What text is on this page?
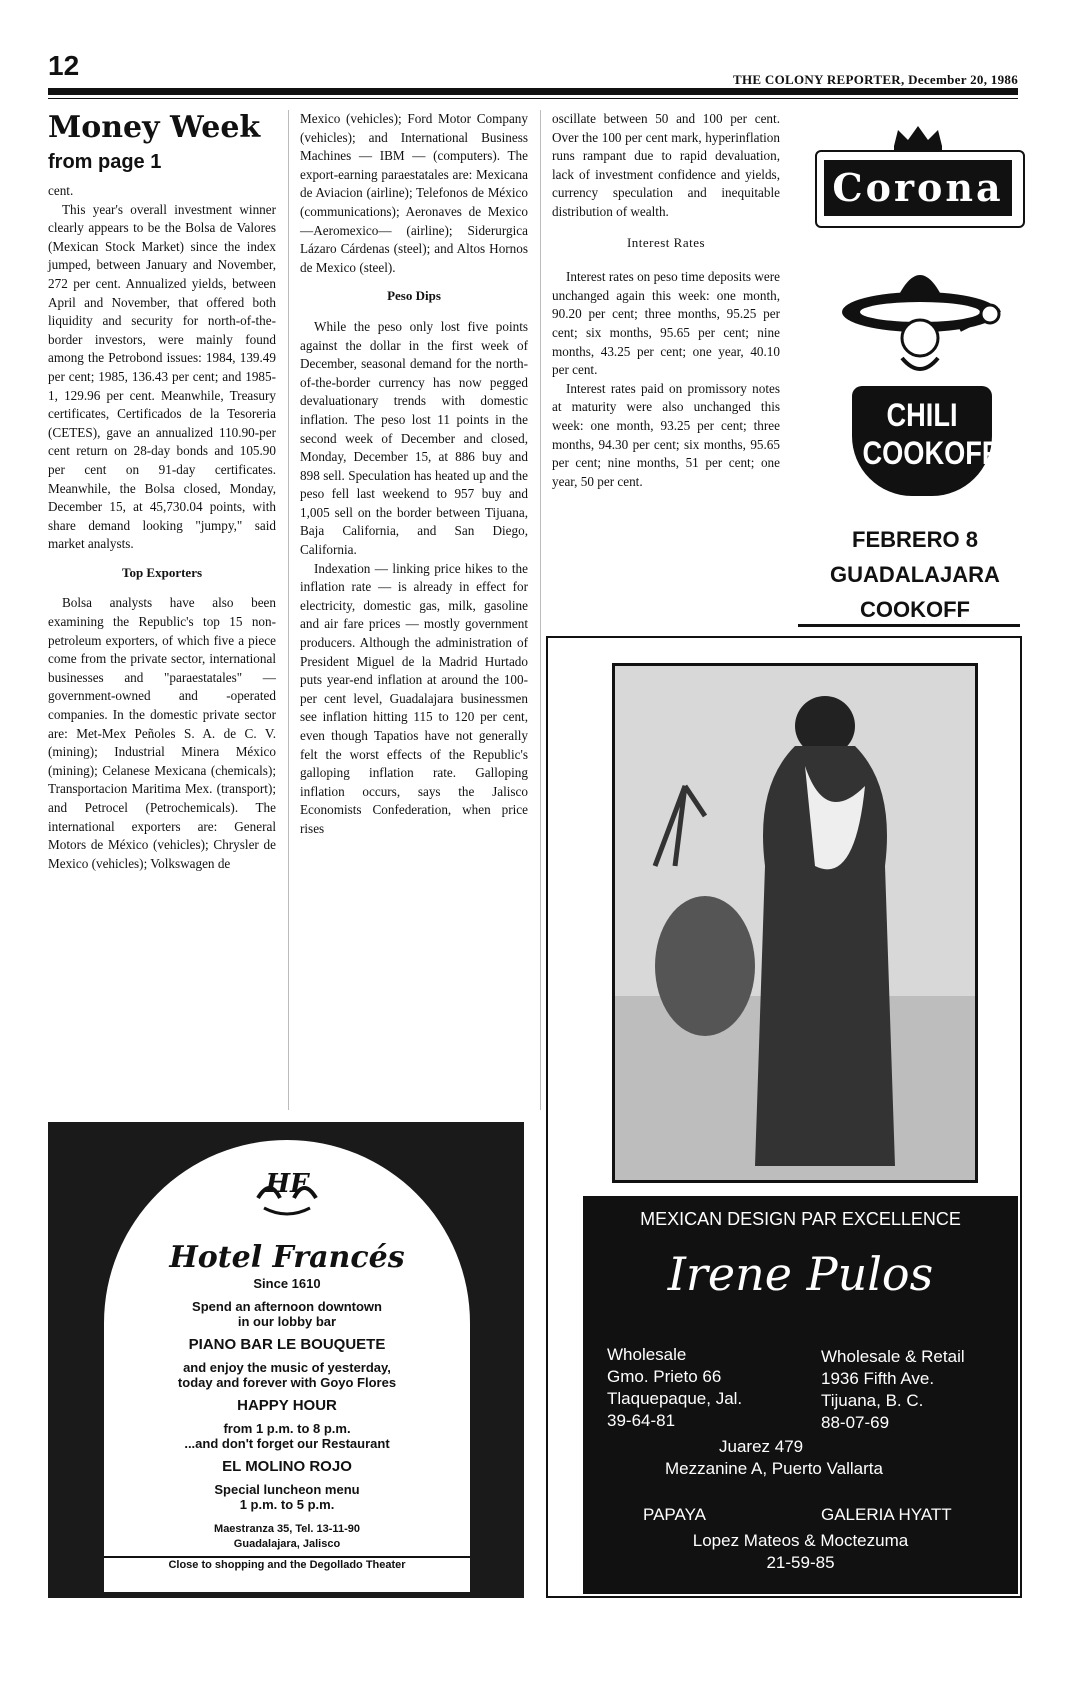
12	THE COLONY REPORTER, December 20, 1986
Money Week
from page 1

cent.

This year's overall investment winner clearly appears to be the Bolsa de Valores (Mexican Stock Market) since the index jumped, between January and November, 272 per cent. Annualized yields, between April and November, that offered both liquidity and security for north-of-the-border investors, were mainly found among the Petrobond issues: 1984, 139.49 per cent; 1985, 136.43 per cent; and 1985-1, 129.96 per cent. Meanwhile, Treasury certificates, Certificados de la Tesoreria (CETES), gave an annualized 110.90-per cent return on 28-day bonds and 105.90 per cent on 91-day certificates. Meanwhile, the Bolsa closed, Monday, December 15, at 45,730.04 points, with share demand looking "jumpy," said market analysts.

Top Exporters

Bolsa analysts have also been examining the Republic's top 15 non-petroleum exporters, of which five a piece come from the private sector, international businesses and "paraestatales" — government-owned and -operated companies. In the domestic private sector are: Met-Mex Peñoles S. A. de C. V. (mining); Industrial Minera México (mining); Celanese Mexicana (chemicals); Transportacion Maritima Mex. (transport); and Petrocel (Petrochemicals). The international exporters are: General Motors de México (vehicles); Chrysler de Mexico (vehicles); Volkswagen de

Mexico (vehicles); Ford Motor Company (vehicles); and International Business Machines — IBM — (computers). The export-earning paraestatales are: Mexicana de Aviacion (airline); Telefonos de México (communications); Aeronaves de Mexico —Aeromexico— (airline); Siderurgica Lázaro Cárdenas (steel); and Altos Hornos de Mexico (steel).

Peso Dips

While the peso only lost five points against the dollar in the first week of December, seasonal demand for the north-of-the-border currency has now pegged devaluationary trends with domestic inflation. The peso lost 11 points in the second week of December and closed, Monday, December 15, at 886 buy and 898 sell. Speculation has heated up and the peso fell last weekend to 957 buy and 1,005 sell on the border between Tijuana, Baja California, and San Diego, California.

Indexation — linking price hikes to the inflation rate — is already in effect for electricity, domestic gas, milk, gasoline and air fare prices — mostly government producers. Although the administration of President Miguel de la Madrid Hurtado puts year-end inflation at around the 100-per cent level, Guadalajara businessmen see inflation hitting 115 to 120 per cent, even though Tapatios have not generally felt the worst effects of the Republic's galloping inflation rate. Galloping inflation occurs, says the Jalisco Economists Confederation, when price rises

oscillate between 50 and 100 per cent. Over the 100 per cent mark, hyperinflation runs rampant due to rapid devaluation, lack of investment confidence and yields, currency speculation and inequitable distribution of wealth.

Interest Rates

Interest rates on peso time deposits were unchanged again this week: one month, 90.20 per cent; three months, 95.25 per cent; six months, 95.65 per cent; nine months, 43.25 per cent; one year, 40.10 per cent.

Interest rates paid on promissory notes at maturity were also unchanged this week: one month, 93.25 per cent; three months, 94.30 per cent; six months, 95.65 per cent; nine months, 51 per cent; one year, 50 per cent.

Corona
CHILI
COOKOFF
FEBRERO 8
GUADALAJARA
COOKOFF
MEXICAN DESIGN PAR EXCELLENCE
Irene Pulos
Wholesale
Gmo. Prieto 66
Tlaquepaque, Jal.
39-64-81
Wholesale & Retail
1936 Fifth Ave.
Tijuana, B. C.
88-07-69
Juarez 479
Mezzanine A, Puerto Vallarta
PAPAYA	GALERIA HYATT
Lopez Mateos & Moctezuma
21-59-85
HF
Hotel Francés
Since 1610
Spend an afternoon downtown
in our lobby bar
PIANO BAR LE BOUQUETE
and enjoy the music of yesterday,
today and forever with Goyo Flores
HAPPY HOUR
from 1 p.m. to 8 p.m.
...and don't forget our Restaurant
EL MOLINO ROJO
Special luncheon menu
1 p.m. to 5 p.m.
Maestranza 35, Tel. 13-11-90
Guadalajara, Jalisco
Close to shopping and the Degollado Theater
